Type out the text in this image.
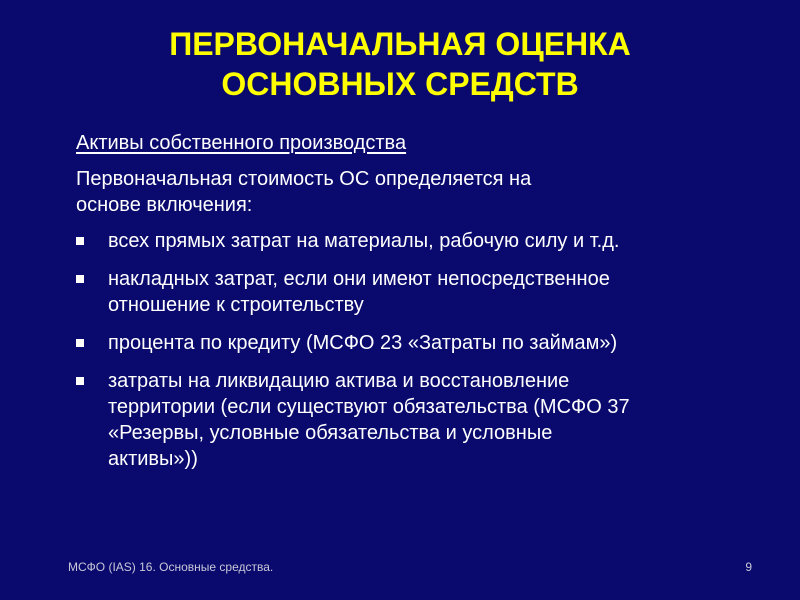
ПЕРВОНАЧАЛЬНАЯ ОЦЕНКА
ОСНОВНЫХ СРЕДСТВ
Активы собственного производства
Первоначальная стоимость ОС определяется на
основе включения:
всех прямых затрат на материалы, рабочую силу и т.д.
накладных затрат, если они имеют непосредственное
отношение к строительству
процента по кредиту (МСФО 23 «Затраты по займам»)
затраты на ликвидацию актива и восстановление
территории (если существуют обязательства (МСФО 37
«Резервы, условные обязательства и условные
активы»))
МСФО (IAS) 16. Основные средства.	9
